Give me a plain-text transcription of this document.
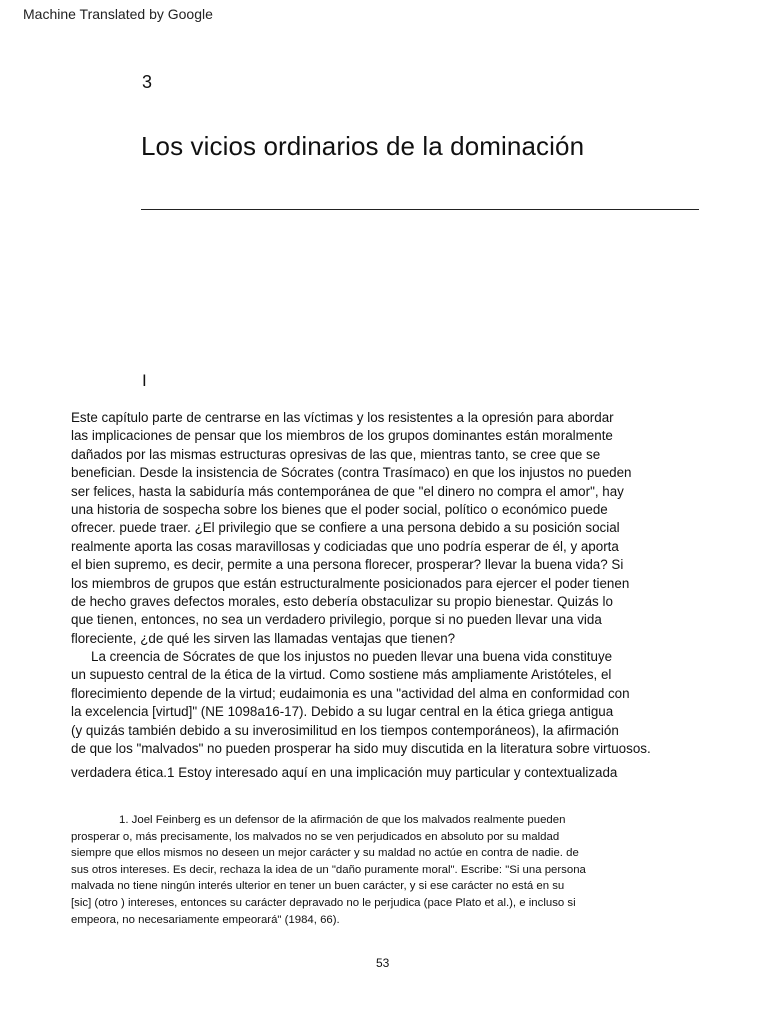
Machine Translated by Google
3
Los vicios ordinarios de la dominación
I
Este capítulo parte de centrarse en las víctimas y los resistentes a la opresión para abordar
las implicaciones de pensar que los miembros de los grupos dominantes están moralmente
dañados por las mismas estructuras opresivas de las que, mientras tanto, se cree que se
benefician. Desde la insistencia de Sócrates (contra Trasímaco) en que los injustos no pueden
ser felices, hasta la sabiduría más contemporánea de que "el dinero no compra el amor", hay
una historia de sospecha sobre los bienes que el poder social, político o económico puede
ofrecer. puede traer. ¿El privilegio que se confiere a una persona debido a su posición social
realmente aporta las cosas maravillosas y codiciadas que uno podría esperar de él, y aporta
el bien supremo, es decir, permite a una persona florecer, prosperar? llevar la buena vida? Si
los miembros de grupos que están estructuralmente posicionados para ejercer el poder tienen
de hecho graves defectos morales, esto debería obstaculizar su propio bienestar. Quizás lo
que tienen, entonces, no sea un verdadero privilegio, porque si no pueden llevar una vida
floreciente, ¿de qué les sirven las llamadas ventajas que tienen?
La creencia de Sócrates de que los injustos no pueden llevar una buena vida constituye
un supuesto central de la ética de la virtud. Como sostiene más ampliamente Aristóteles, el
florecimiento depende de la virtud; eudaimonia es una "actividad del alma en conformidad con
la excelencia [virtud]" (NE 1098a16-17). Debido a su lugar central en la ética griega antigua
(y quizás también debido a su inverosimilitud en los tiempos contemporáneos), la afirmación
de que los "malvados" no pueden prosperar ha sido muy discutida en la literatura sobre virtuosos.
verdadera ética.1 Estoy interesado aquí en una implicación muy particular y contextualizada
1. Joel Feinberg es un defensor de la afirmación de que los malvados realmente pueden
prosperar o, más precisamente, los malvados no se ven perjudicados en absoluto por su maldad
siempre que ellos mismos no deseen un mejor carácter y su maldad no actúe en contra de nadie. de
sus otros intereses. Es decir, rechaza la idea de un "daño puramente moral". Escribe: "Si una persona
malvada no tiene ningún interés ulterior en tener un buen carácter, y si ese carácter no está en su
[sic] (otro ) intereses, entonces su carácter depravado no le perjudica (pace Plato et al.), e incluso si
empeora, no necesariamente empeorará" (1984, 66).
53
